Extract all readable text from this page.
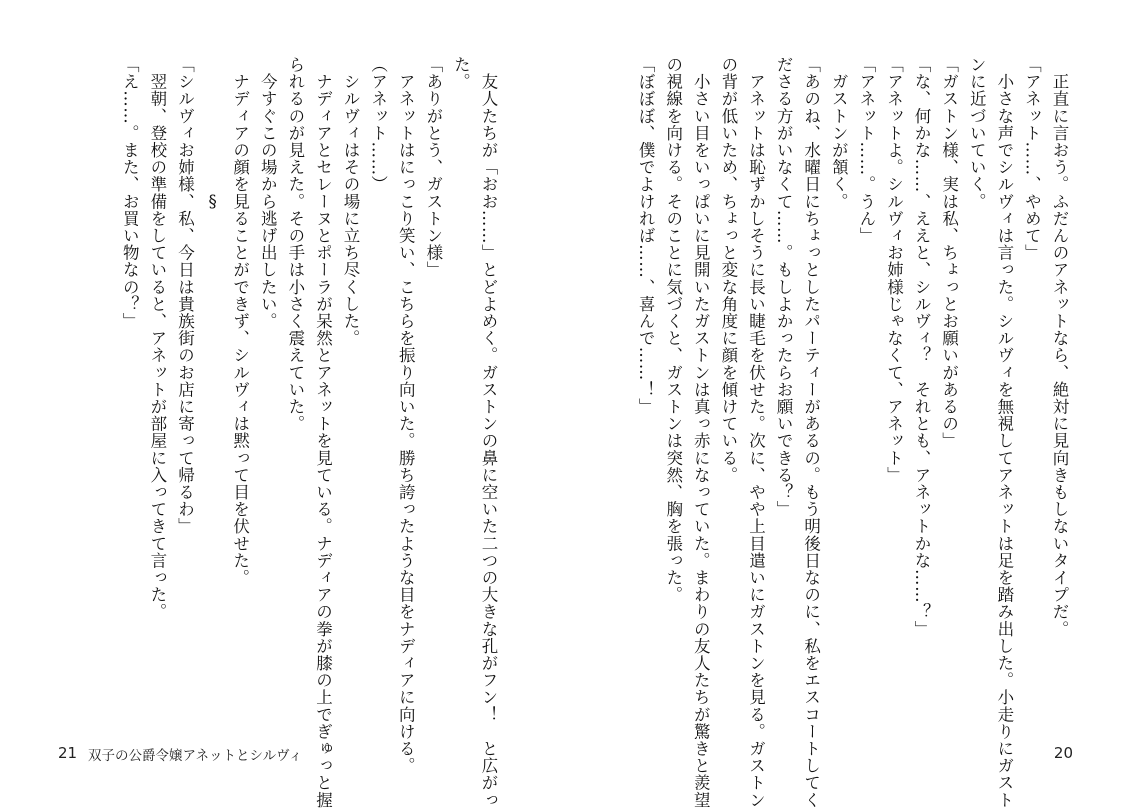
　正直に言おう。ふだんのアネットなら、絶対に見向きもしないタイプだ。
「アネット……、やめて」
　小さな声でシルヴィは言った。シルヴィを無視してアネットは足を踏み出した。小走りにガスト
ンに近づいていく。
「ガストン様、実は私、ちょっとお願いがあるの」
「な、何かな……、ええと、シルヴィ？　それとも、アネットかな……？」
「アネットよ。シルヴィお姉様じゃなくて、アネット」
「アネット……。うん」
　ガストンが頷く。
「あのね、水曜日にちょっとしたパーティーがあるの。もう明後日なのに、私をエスコートしてく
ださる方がいなくて……。もしよかったらお願いできる？」
　アネットは恥ずかしそうに長い睫毛を伏せた。次に、やや上目遣いにガストンを見る。ガストン
の背が低いため、ちょっと変な角度に顔を傾けている。
　小さい目をいっぱいに見開いたガストンは真っ赤になっていた。まわりの友人たちが驚きと羨望
の視線を向ける。そのことに気づくと、ガストンは突然、胸を張った。
「ぼぼぼ、僕でよければ……、喜んで……！」
20
　友人たちが「おお……」とどよめく。ガストンの鼻に空いた二つの大きな孔がフン！　と広がっ
た。
「ありがとう、ガストン様」
　アネットはにっこり笑い、こちらを振り向いた。勝ち誇ったような目をナディアに向ける。
（アネット……）
　シルヴィはその場に立ち尽くした。
　ナディアとセレーヌとポーラが呆然とアネットを見ている。ナディアの拳が膝の上でぎゅっと握
られるのが見えた。その手は小さく震えていた。
　今すぐこの場から逃げ出したい。
　ナディアの顔を見ることができず、シルヴィは黙って目を伏せた。
§
「シルヴィお姉様、私、今日は貴族街のお店に寄って帰るわ」
　翌朝、登校の準備をしていると、アネットが部屋に入ってきて言った。
「え……。また、お買い物なの？」
21 双子の公爵令嬢アネットとシルヴィ
